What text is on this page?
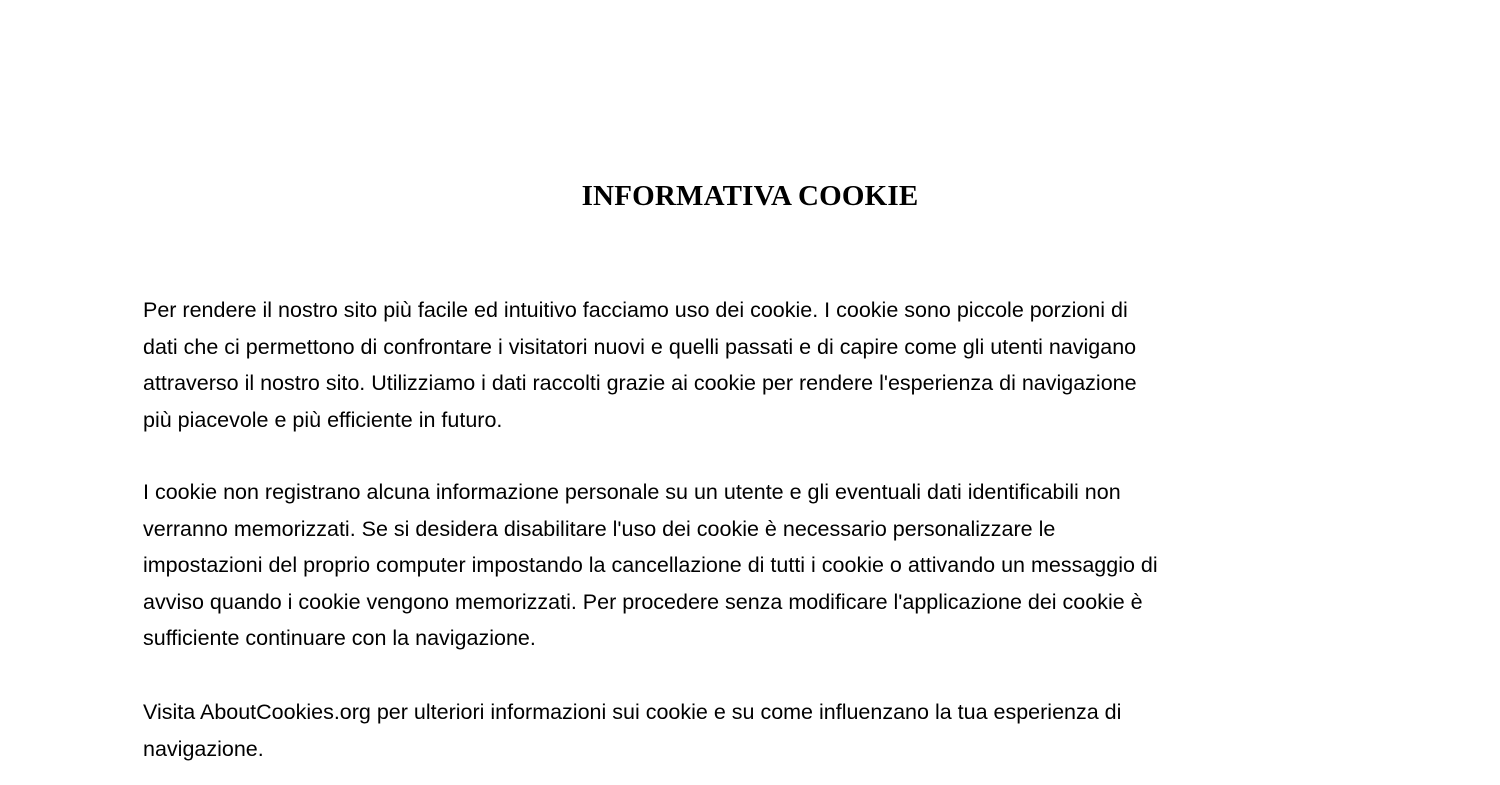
INFORMATIVA COOKIE

Per rendere il nostro sito più facile ed intuitivo facciamo uso dei cookie. I cookie sono piccole porzioni di
dati che ci permettono di confrontare i visitatori nuovi e quelli passati e di capire come gli utenti navigano
attraverso il nostro sito. Utilizziamo i dati raccolti grazie ai cookie per rendere l'esperienza di navigazione
più piacevole e più efficiente in futuro.

I cookie non registrano alcuna informazione personale su un utente e gli eventuali dati identificabili non
verranno memorizzati. Se si desidera disabilitare l'uso dei cookie è necessario personalizzare le
impostazioni del proprio computer impostando la cancellazione di tutti i cookie o attivando un messaggio di
avviso quando i cookie vengono memorizzati. Per procedere senza modificare l'applicazione dei cookie è
sufficiente continuare con la navigazione.

Visita AboutCookies.org per ulteriori informazioni sui cookie e su come influenzano la tua esperienza di
navigazione.
